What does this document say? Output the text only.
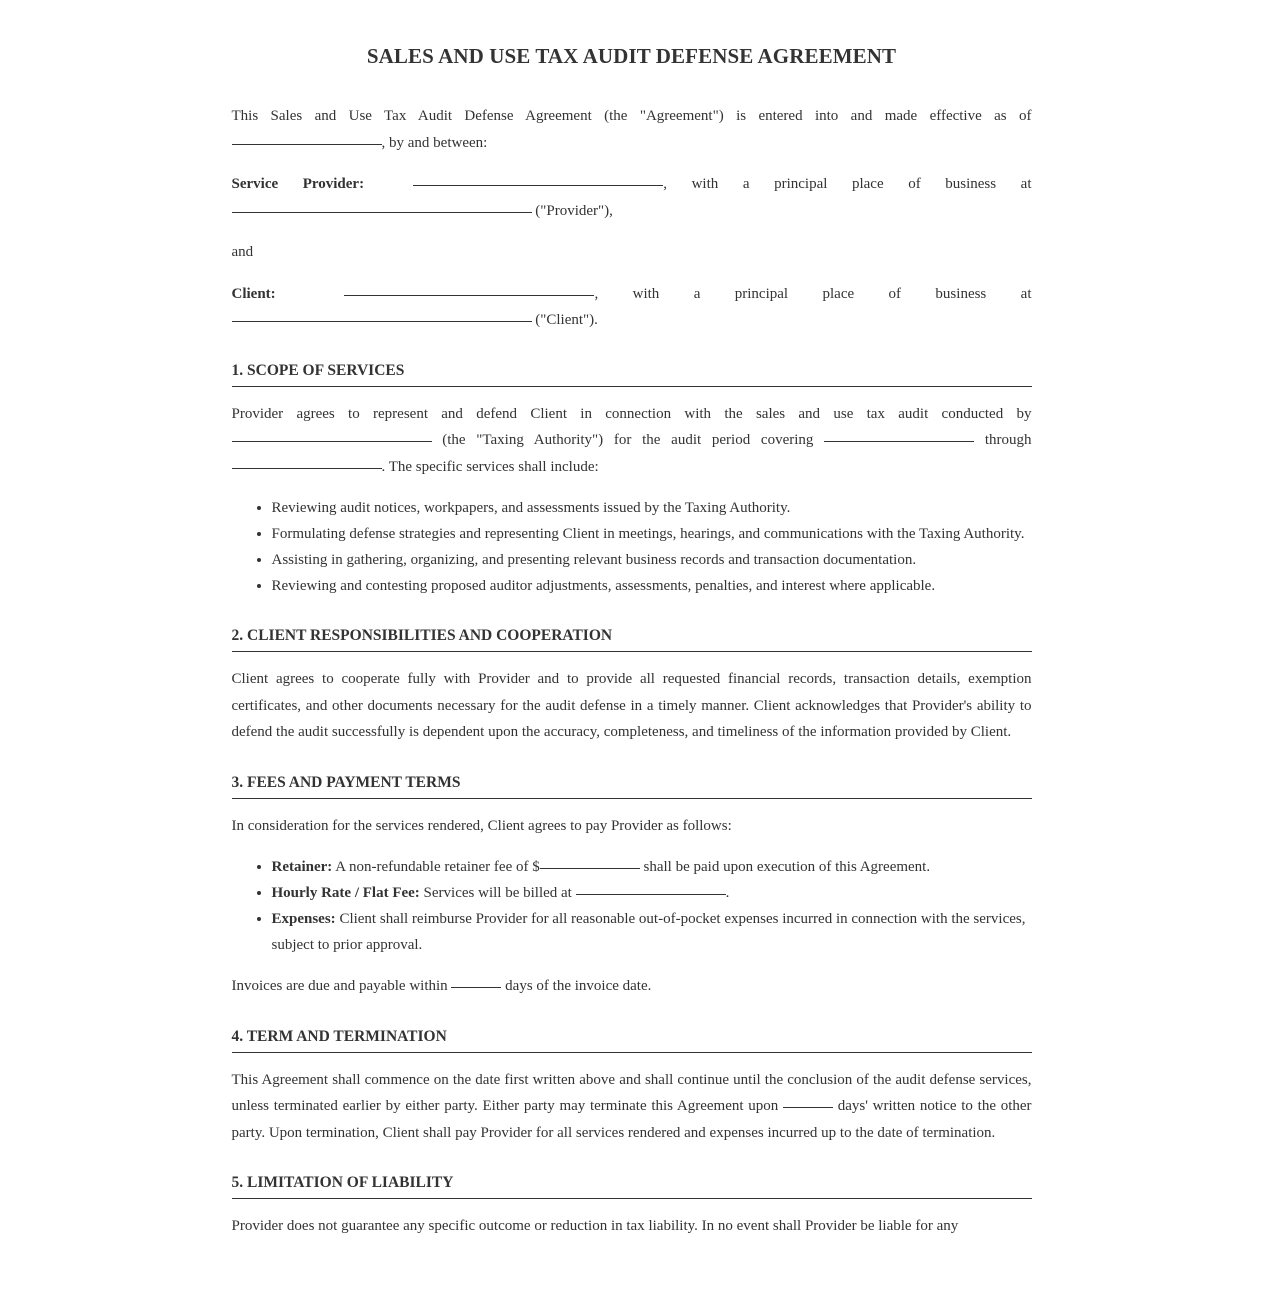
SALES AND USE TAX AUDIT DEFENSE AGREEMENT

This Sales and Use Tax Audit Defense Agreement (the "Agreement") is entered into and made effective as of , by and between:

Service Provider:	, with a principal place of business at  ("Provider"),

and

Client:	, with a principal place of business at  ("Client").

1. SCOPE OF SERVICES

Provider agrees to represent and defend Client in connection with the sales and use tax audit conducted by  (the "Taxing Authority") for the audit period covering	through . The specific services shall include:

• Reviewing audit notices, workpapers, and assessments issued by the Taxing Authority.
• Formulating defense strategies and representing Client in meetings, hearings, and communications with the Taxing Authority.
• Assisting in gathering, organizing, and presenting relevant business records and transaction documentation.
• Reviewing and contesting proposed auditor adjustments, assessments, penalties, and interest where applicable.
2. CLIENT RESPONSIBILITIES AND COOPERATION

Client agrees to cooperate fully with Provider and to provide all requested financial records, transaction details, exemption certificates, and other documents necessary for the audit defense in a timely manner. Client acknowledges that Provider's ability to defend the audit successfully is dependent upon the accuracy, completeness, and timeliness of the information provided by Client.

3. FEES AND PAYMENT TERMS

In consideration for the services rendered, Client agrees to pay Provider as follows:

• Retainer: A non-refundable retainer fee of $	shall be paid upon execution of this Agreement.
• Hourly Rate / Flat Fee: Services will be billed at	.
• Expenses: Client shall reimburse Provider for all reasonable out-of-pocket expenses incurred in connection with the services, subject to prior approval.

Invoices are due and payable within	days of the invoice date.

4. TERM AND TERMINATION

This Agreement shall commence on the date first written above and shall continue until the conclusion of the audit defense services, unless terminated earlier by either party. Either party may terminate this Agreement upon	days' written notice to the other party. Upon termination, Client shall pay Provider for all services rendered and expenses incurred up to the date of termination.

5. LIMITATION OF LIABILITY

Provider does not guarantee any specific outcome or reduction in tax liability. In no event shall Provider be liable for any
